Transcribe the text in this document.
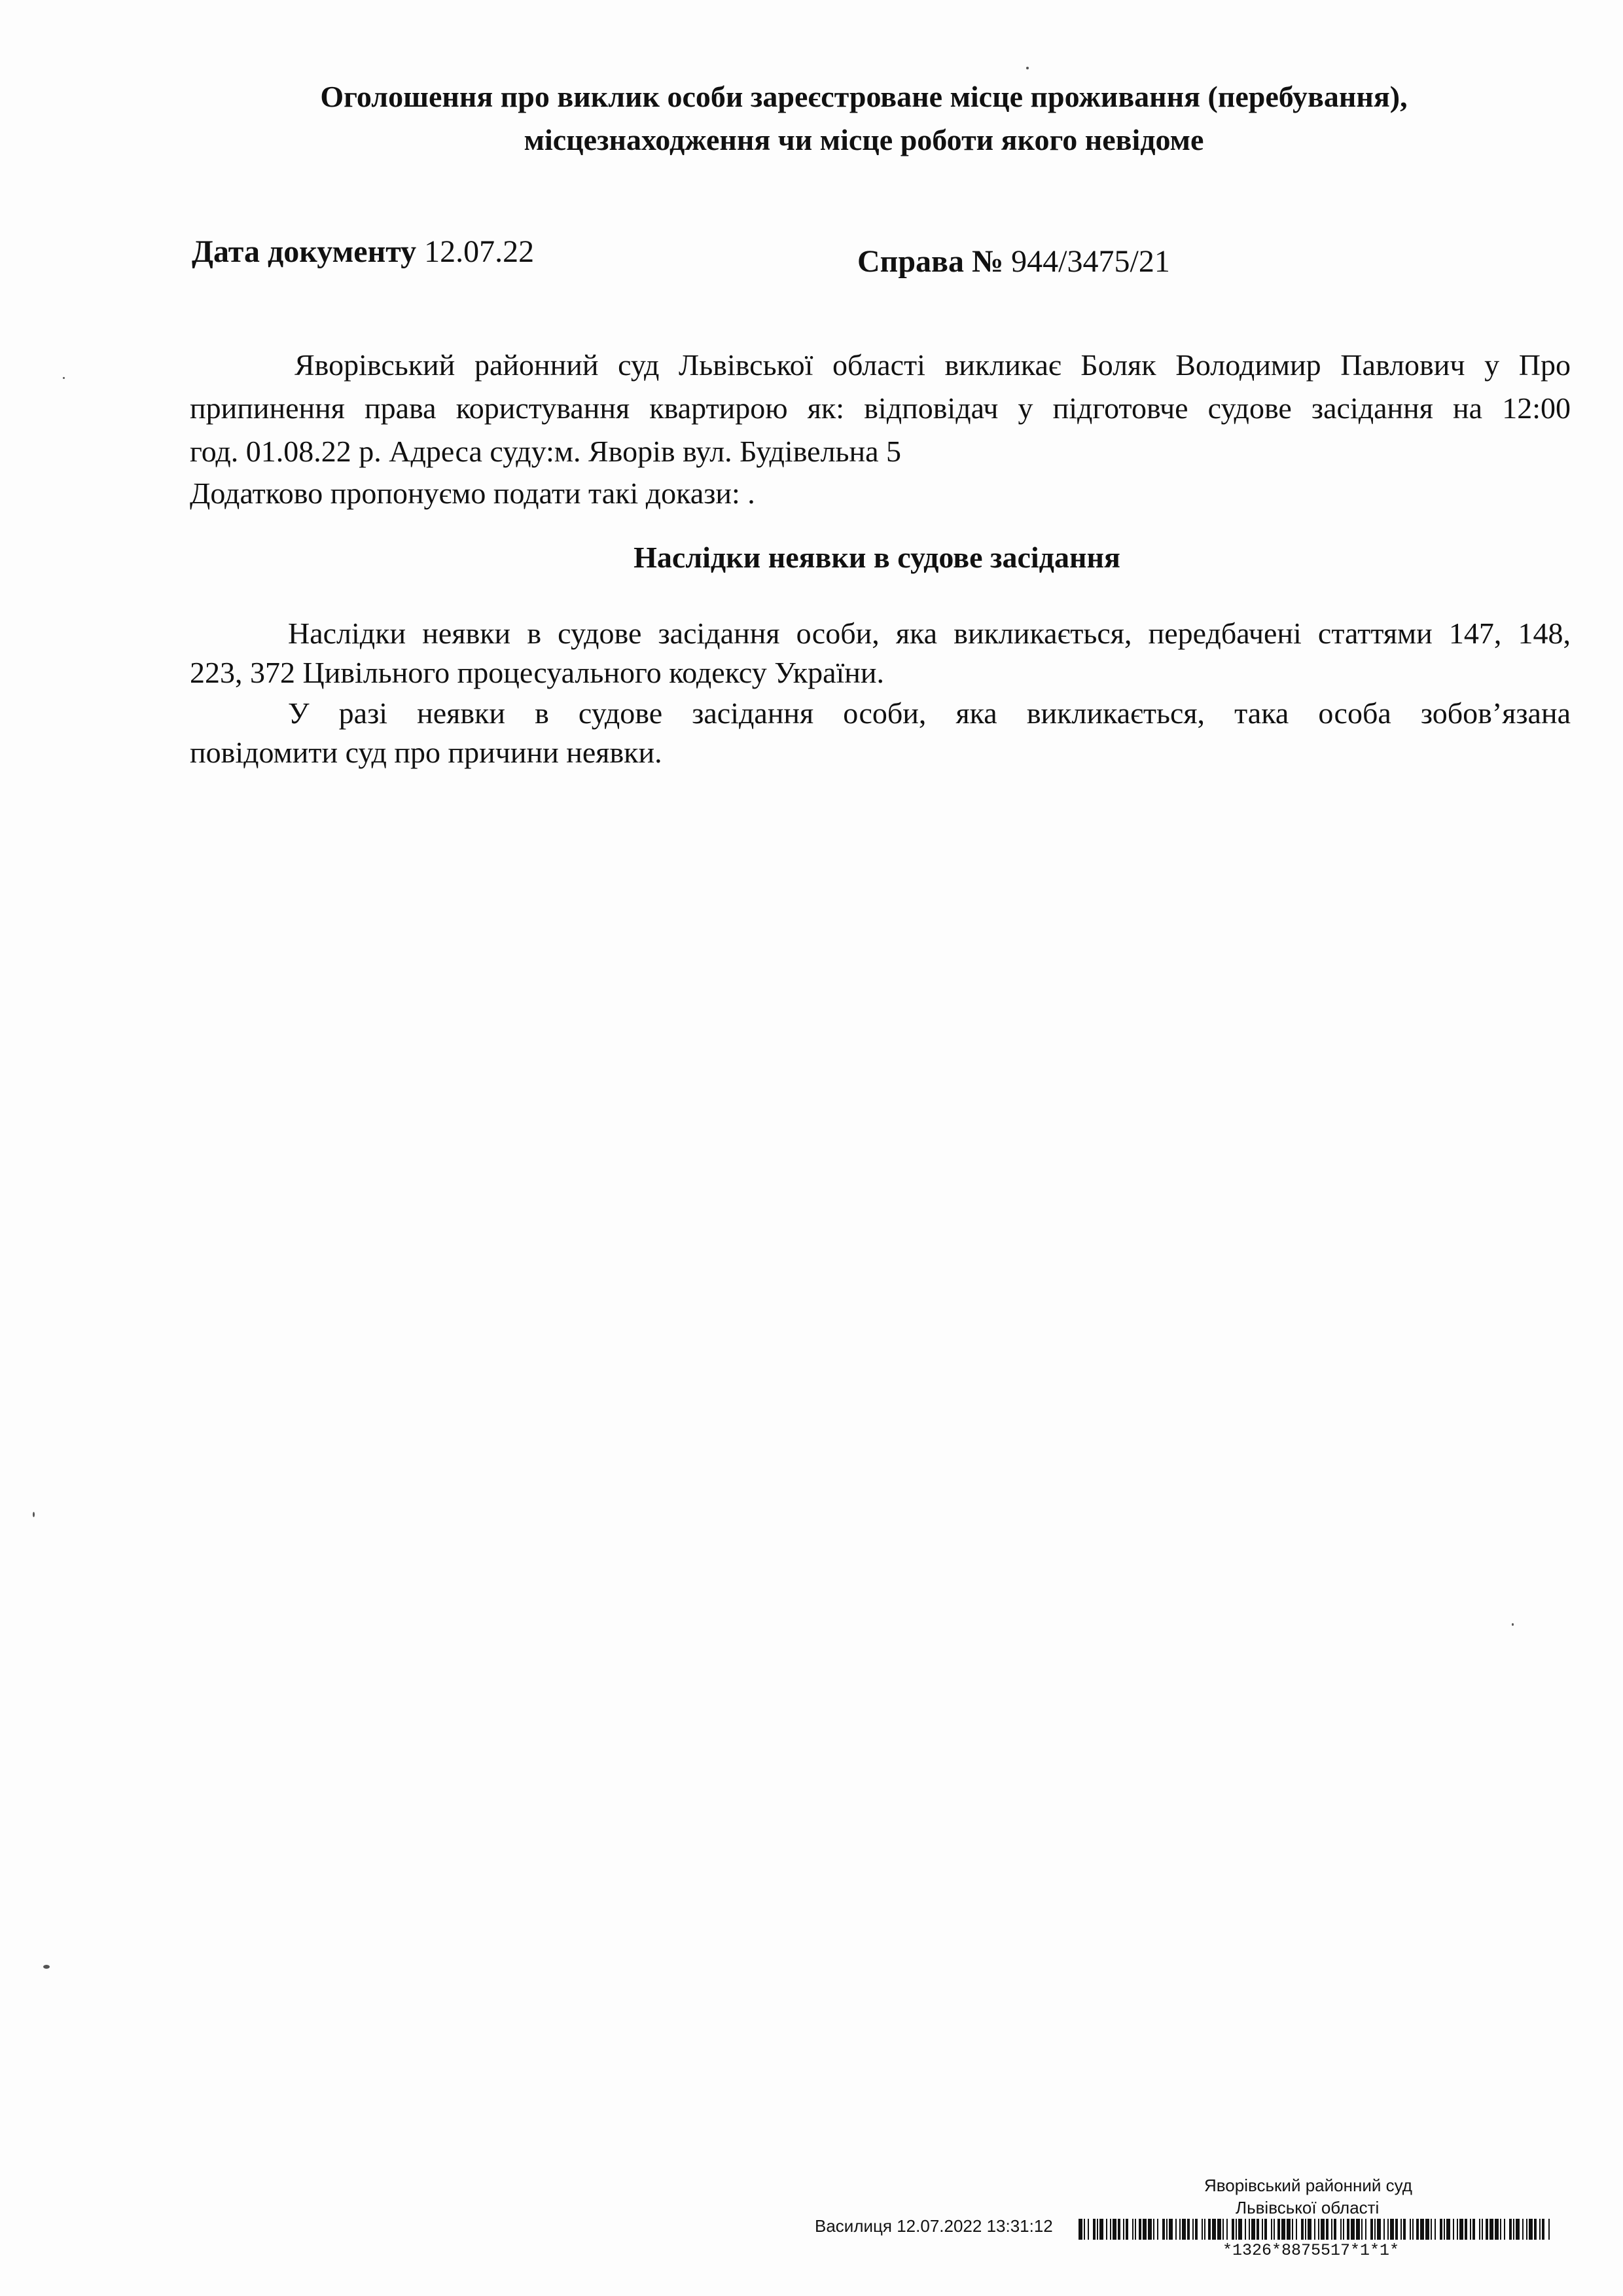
Оголошення про виклик особи зареєстроване місце проживання (перебування),
місцезнаходження чи місце роботи якого невідоме
Дата документу 12.07.22	Справа № 944/3475/21
Яворівський районний суд Львівської області викликає Боляк Володимир Павлович у Про
припинення права користування квартирою як: відповідач у підготовче судове засідання на 12:00
год. 01.08.22 р. Адреса суду:м. Яворів вул. Будівельна 5
Додатково пропонуємо подати такі докази: .
Наслідки неявки в судове засідання
Наслідки неявки в судове засідання особи, яка викликається, передбачені статтями 147, 148,
223, 372 Цивільного процесуального кодексу України.
У разі неявки в судове засідання особи, яка викликається, така особа зобов’язана
повідомити суд про причини неявки.
Яворівський районний суд
Львівської області
Василиця 12.07.2022 13:31:12
*1326*8875517*1*1*
